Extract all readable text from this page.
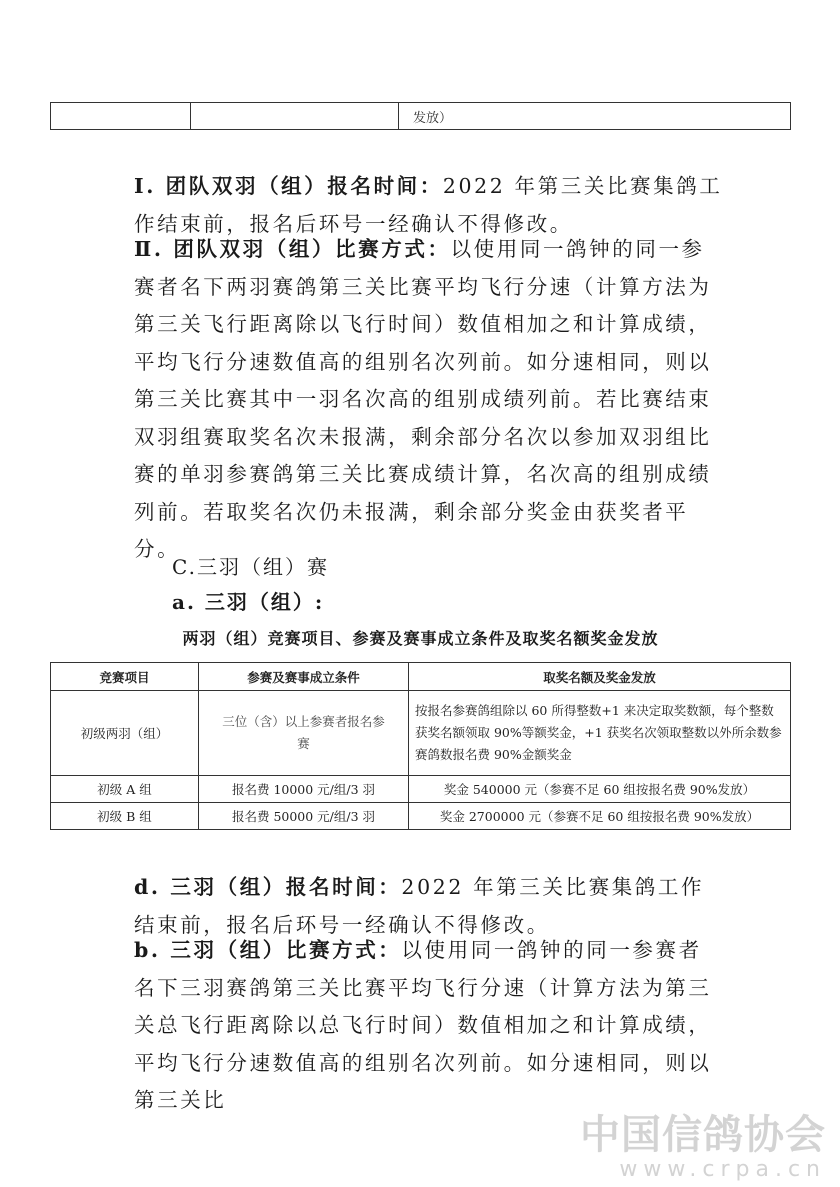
		发放）

Ⅰ. 团队双羽（组）报名时间：2022 年第三关比赛集鸽工作结束前，报名后环号一经确认不得修改。

Ⅱ. 团队双羽（组）比赛方式：以使用同一鸽钟的同一参赛者名下两羽赛鸽第三关比赛平均飞行分速（计算方法为第三关飞行距离除以飞行时间）数值相加之和计算成绩，平均飞行分速数值高的组别名次列前。如分速相同，则以第三关比赛其中一羽名次高的组别成绩列前。若比赛结束双羽组赛取奖名次未报满，剩余部分名次以参加双羽组比赛的单羽参赛鸽第三关比赛成绩计算，名次高的组别成绩列前。若取奖名次仍未报满，剩余部分奖金由获奖者平分。

C.三羽（组）赛
a. 三羽（组）:
两羽（组）竞赛项目、参赛及赛事成立条件及取奖名额奖金发放
竞赛项目	参赛及赛事成立条件	取奖名额及奖金发放
初级两羽（组）	三位（含）以上参赛者报名参赛	按报名参赛鸽组除以 60 所得整数+1 来决定取奖数额，每个整数获奖名额领取 90%等额奖金，+1 获奖名次领取整数以外所余数参赛鸽数报名费 90%金额奖金
初级 A 组	报名费 10000 元/组/3 羽	奖金 540000 元（参赛不足 60 组按报名费 90%发放）
初级 B 组	报名费 50000 元/组/3 羽	奖金 2700000 元（参赛不足 60 组按报名费 90%发放）

d. 三羽（组）报名时间：2022 年第三关比赛集鸽工作结束前，报名后环号一经确认不得修改。

b. 三羽（组）比赛方式：以使用同一鸽钟的同一参赛者名下三羽赛鸽第三关比赛平均飞行分速（计算方法为第三关总飞行距离除以总飞行时间）数值相加之和计算成绩，平均飞行分速数值高的组别名次列前。如分速相同，则以第三关比

中国信鸽协会
www.crpa.cn
